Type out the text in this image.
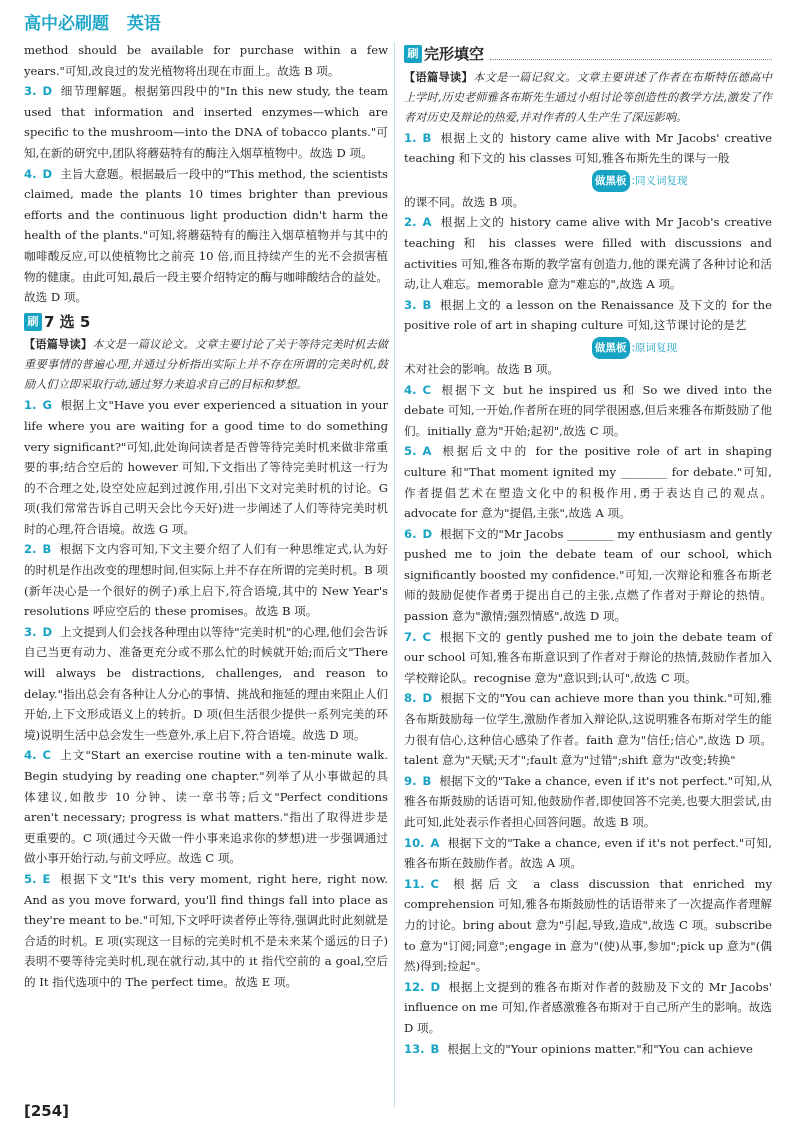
高中必刷题 英语

method should be available for purchase within a few years."可知,改良过的发光植物将出现在市面上。故选 B 项。

3. D 细节理解题。根据第四段中的"In this new study, the team used that information and inserted enzymes—which are specific to the mushroom—into the DNA of tobacco plants."可知,在新的研究中,团队将蘑菇特有的酶注入烟草植物中。故选 D 项。

4. D 主旨大意题。根据最后一段中的"This method, the scientists claimed, made the plants 10 times brighter than previous efforts and the continuous light production didn't harm the health of the plants."可知,将蘑菇特有的酶注入烟草植物并与其中的咖啡酸反应,可以使植物比之前亮 10 倍,而且持续产生的光不会损害植物的健康。由此可知,最后一段主要介绍特定的酶与咖啡酸结合的益处。故选 D 项。

刷 7 选 5

【语篇导读】本文是一篇议论文。文章主要讨论了关于等待完美时机去做重要事情的普遍心理,并通过分析指出实际上并不存在所谓的完美时机,鼓励人们立即采取行动,通过努力来追求自己的目标和梦想。

1. G 根据上文"Have you ever experienced a situation in your life where you are waiting for a good time to do something very significant?"可知,此处询问读者是否曾等待完美时机来做非常重要的事;结合空后的 however 可知,下文指出了等待完美时机这一行为的不合理之处,设空处应起到过渡作用,引出下文对完美时机的讨论。G 项(我们常常告诉自己明天会比今天好)进一步阐述了人们等待完美时机时的心理,符合语境。故选 G 项。

2. B 根据下文内容可知,下文主要介绍了人们有一种思维定式,认为好的时机是作出改变的理想时间,但实际上并不存在所谓的完美时机。B 项(新年决心是一个很好的例子)承上启下,符合语境,其中的 New Year's resolutions 呼应空后的 these promises。故选 B 项。

3. D 上文提到人们会找各种理由以等待"完美时机"的心理,他们会告诉自己当更有动力、准备更充分或不那么忙的时候就开始;而后文"There will always be distractions, challenges, and reason to delay."指出总会有各种让人分心的事情、挑战和拖延的理由来阻止人们开始,上下文形成语义上的转折。D 项(但生活很少提供一系列完美的环境)说明生活中总会发生一些意外,承上启下,符合语境。故选 D 项。

4. C 上文"Start an exercise routine with a ten-minute walk. Begin studying by reading one chapter."列举了从小事做起的具体建议,如散步 10 分钟、读一章书等;后文"Perfect conditions aren't necessary; progress is what matters."指出了取得进步是更重要的。C 项(通过今天做一件小事来追求你的梦想)进一步强调通过做小事开始行动,与前文呼应。故选 C 项。

5. E 根据下文"It's this very moment, right here, right now. And as you move forward, you'll find things fall into place as they're meant to be."可知,下文呼吁读者停止等待,强调此时此刻就是合适的时机。E 项(实现这一目标的完美时机不是未来某个遥远的日子)表明不要等待完美时机,现在就行动,其中的 it 指代空前的 a goal,空后的 It 指代选项中的 The perfect time。故选 E 项。

刷 完形填空

【语篇导读】本文是一篇记叙文。文章主要讲述了作者在布斯特伍德高中上学时,历史老师雅各布斯先生通过小组讨论等创造性的教学方法,激发了作者对历史及辩论的热爱,并对作者的人生产生了深远影响。

1. B 根据上文的 history came alive with Mr Jacobs' creative teaching 和下文的 his classes 可知,雅各布斯先生的课与一般

做黑板 :同义词复现

的课不同。故选 B 项。

2. A 根据上文的 history came alive with Mr Jacob's creative teaching 和 his classes were filled with discussions and activities 可知,雅各布斯的教学富有创造力,他的课充满了各种讨论和活动,让人难忘。memorable 意为"难忘的",故选 A 项。

3. B 根据上文的 a lesson on the Renaissance 及下文的 for the positive role of art in shaping culture 可知,这节课讨论的是艺

做黑板 :原词复现

术对社会的影响。故选 B 项。

4. C 根据下文 but he inspired us 和 So we dived into the debate 可知,一开始,作者所在班的同学很困惑,但后来雅各布斯鼓励了他们。initially 意为"开始;起初",故选 C 项。

5. A 根据后文中的 for the positive role of art in shaping culture 和"That moment ignited my ________ for debate."可知,作者提倡艺术在塑造文化中的积极作用,勇于表达自己的观点。advocate for 意为"提倡,主张",故选 A 项。

6. D 根据下文的"Mr Jacobs ________ my enthusiasm and gently pushed me to join the debate team of our school, which significantly boosted my confidence."可知,一次辩论和雅各布斯老师的鼓励促使作者勇于提出自己的主张,点燃了作者对于辩论的热情。passion 意为"激情;强烈情感",故选 D 项。

7. C 根据下文的 gently pushed me to join the debate team of our school 可知,雅各布斯意识到了作者对于辩论的热情,鼓励作者加入学校辩论队。recognise 意为"意识到;认可",故选 C 项。

8. D 根据下文的"You can achieve more than you think."可知,雅各布斯鼓励每一位学生,激励作者加入辩论队,这说明雅各布斯对学生的能力很有信心,这种信心感染了作者。faith 意为"信任;信心",故选 D 项。talent 意为"天赋;天才";fault 意为"过错";shift 意为"改变;转换"

9. B 根据下文的"Take a chance, even if it's not perfect."可知,从雅各布斯鼓励的话语可知,他鼓励作者,即使回答不完美,也要大胆尝试,由此可知,此处表示作者担心回答问题。故选 B 项。

10. A 根据下文的"Take a chance, even if it's not perfect."可知,雅各布斯在鼓励作者。故选 A 项。

11. C 根据后文 a class discussion that enriched my comprehension 可知,雅各布斯鼓励性的话语带来了一次提高作者理解力的讨论。bring about 意为"引起,导致,造成",故选 C 项。subscribe to 意为"订阅;同意";engage in 意为"(使)从事,参加";pick up 意为"(偶然)得到;捡起"。

12. D 根据上文提到的雅各布斯对作者的鼓励及下文的 Mr Jacobs' influence on me 可知,作者感激雅各布斯对于自己所产生的影响。故选 D 项。

13. B 根据上文的"Your opinions matter."和"You can achieve

[254]
